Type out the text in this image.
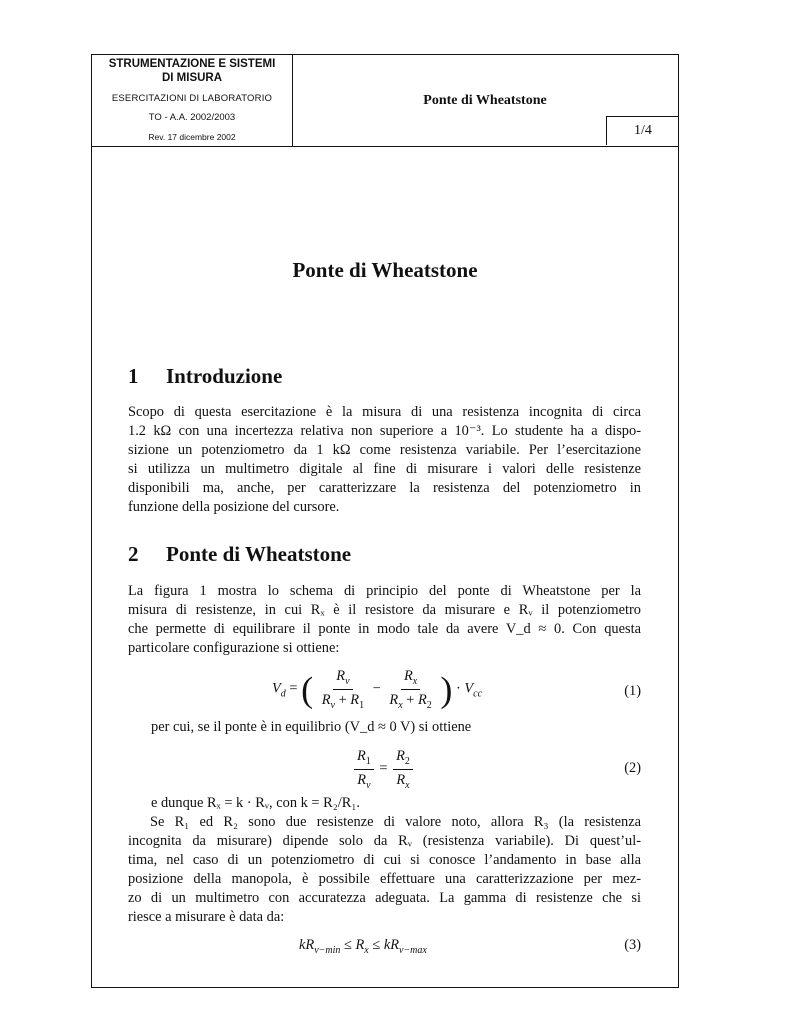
STRUMENTAZIONE E SISTEMI
DI MISURA
ESERCITAZIONI DI LABORATORIO
TO - A.A. 2002/2003
Rev. 17 dicembre 2002
Ponte di Wheatstone
1/4
Ponte di Wheatstone
1 Introduzione
Scopo di questa esercitazione è la misura di una resistenza incognita di circa
1.2 kΩ con una incertezza relativa non superiore a 10⁻³. Lo studente ha a dispo-
sizione un potenziometro da 1 kΩ come resistenza variabile. Per l’esercitazione
si utilizza un multimetro digitale al fine di misurare i valori delle resistenze
disponibili ma, anche, per caratterizzare la resistenza del potenziometro in
funzione della posizione del cursore.
2 Ponte di Wheatstone
La figura 1 mostra lo schema di principio del ponte di Wheatstone per la
misura di resistenze, in cui Rₓ è il resistore da misurare e Rᵥ il potenziometro
che permette di equilibrare il ponte in modo tale da avere V_d ≈ 0. Con questa
particolare configurazione si ottiene:
$V_d$ = ( $\frac{R_v}{R_v + R_1} - \frac{R_x}{R_x + R_2}$ ) · $V_{cc}$	(1)
per cui, se il ponte è in equilibrio (V_d ≈ 0 V) si ottiene
$\frac{R_1}{R_v} = \frac{R_2}{R_x}$	(2)
e dunque Rₓ = k · Rᵥ, con k = R₂/R₁.
Se R₁ ed R₂ sono due resistenze di valore noto, allora R₃ (la resistenza
incognita da misurare) dipende solo da Rᵥ (resistenza variabile). Di quest’ul-
tima, nel caso di un potenziometro di cui si conosce l’andamento in base alla
posizione della manopola, è possibile effettuare una caratterizzazione per mez-
zo di un multimetro con accuratezza adeguata. La gamma di resistenze che si
riesce a misurare è data da:
$kR_{v-min} \le R_x \le kR_{v-max}$	(3)
